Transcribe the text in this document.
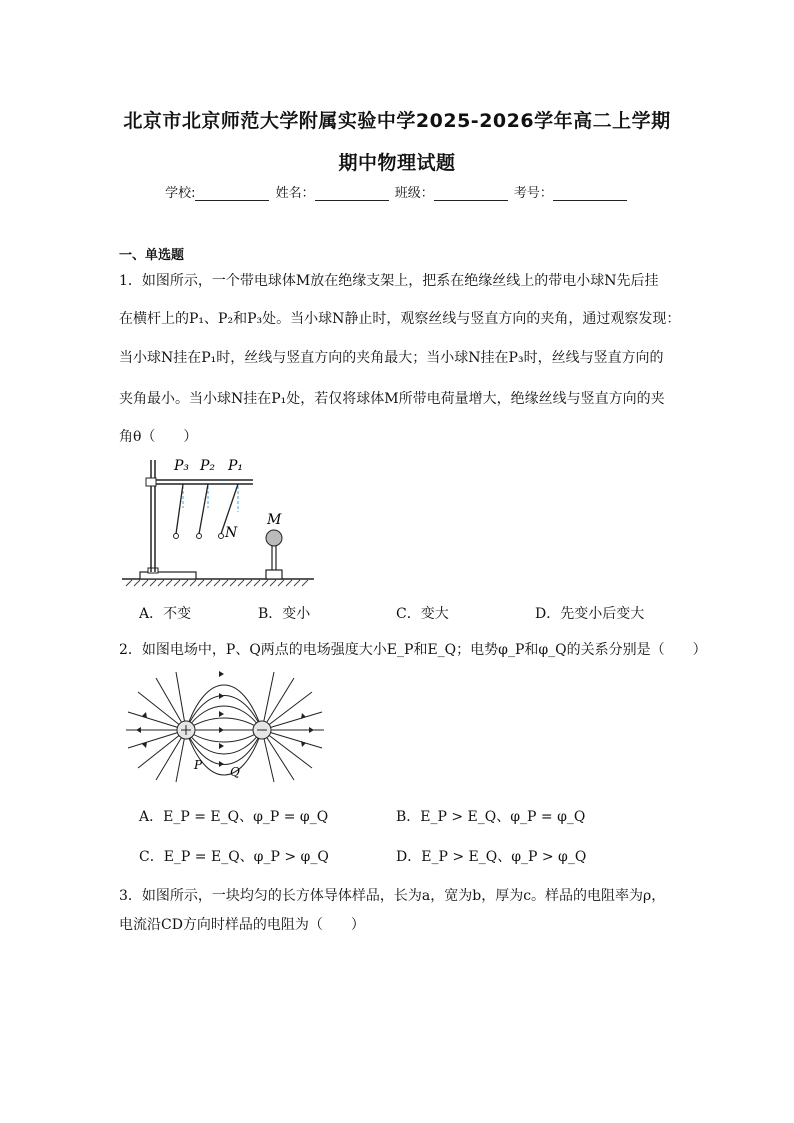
北京市北京师范大学附属实验中学2025-2026学年高二上学期
期中物理试题
学校:	姓名：	班级：	考号：
一、单选题
1．如图所示，一个带电球体M放在绝缘支架上，把系在绝缘丝线上的带电小球N先后挂
在横杆上的P₁、P₂和P₃处。当小球N静止时，观察丝线与竖直方向的夹角，通过观察发现：
当小球N挂在P₁时，丝线与竖直方向的夹角最大；当小球N挂在P₃时，丝线与竖直方向的
夹角最小。当小球N挂在P₁处，若仅将球体M所带电荷量增大，绝缘丝线与竖直方向的夹
角θ（　　）
P₃ P₂ P₁
N
M
A．不变	B．变小	C．变大	D．先变小后变大
2．如图电场中，P、Q两点的电场强度大小E_P和E_Q；电势φ_P和φ_Q的关系分别是（　　）
P Q
A．E_P = E_Q、φ_P = φ_Q	B．E_P > E_Q、φ_P = φ_Q
C．E_P = E_Q、φ_P > φ_Q	D．E_P > E_Q、φ_P > φ_Q
3．如图所示，一块均匀的长方体导体样品，长为a，宽为b，厚为c。样品的电阻率为ρ，
电流沿CD方向时样品的电阻为（　　）
